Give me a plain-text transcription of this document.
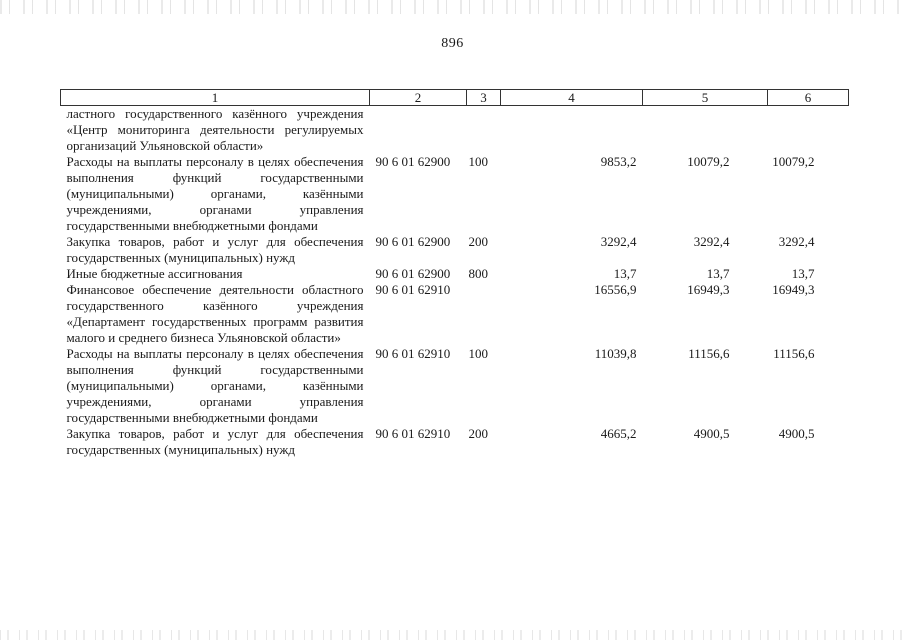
896
1	2	3	4	5	6
ластного государственного казённого учреждения «Центр мониторинга деятельности регулируемых организаций Ульяновской области»					
Расходы на выплаты персоналу в целях обеспечения выполнения функций государственными (муниципальными) органами, казёнными учреждениями, органами управления государственными внебюджетными фондами	90 6 01 62900	100	9853,2	10079,2	10079,2
Закупка товаров, работ и услуг для обеспечения государственных (муниципальных) нужд	90 6 01 62900	200	3292,4	3292,4	3292,4
Иные бюджетные ассигнования	90 6 01 62900	800	13,7	13,7	13,7
Финансовое обеспечение деятельности областного государственного казённого учреждения «Департамент государственных программ развития малого и среднего бизнеса Ульяновской области»	90 6 01 62910		16556,9	16949,3	16949,3
Расходы на выплаты персоналу в целях обеспечения выполнения функций государственными (муниципальными) органами, казёнными учреждениями, органами управления государственными внебюджетными фондами	90 6 01 62910	100	11039,8	11156,6	11156,6
Закупка товаров, работ и услуг для обеспечения государственных (муниципальных) нужд	90 6 01 62910	200	4665,2	4900,5	4900,5
